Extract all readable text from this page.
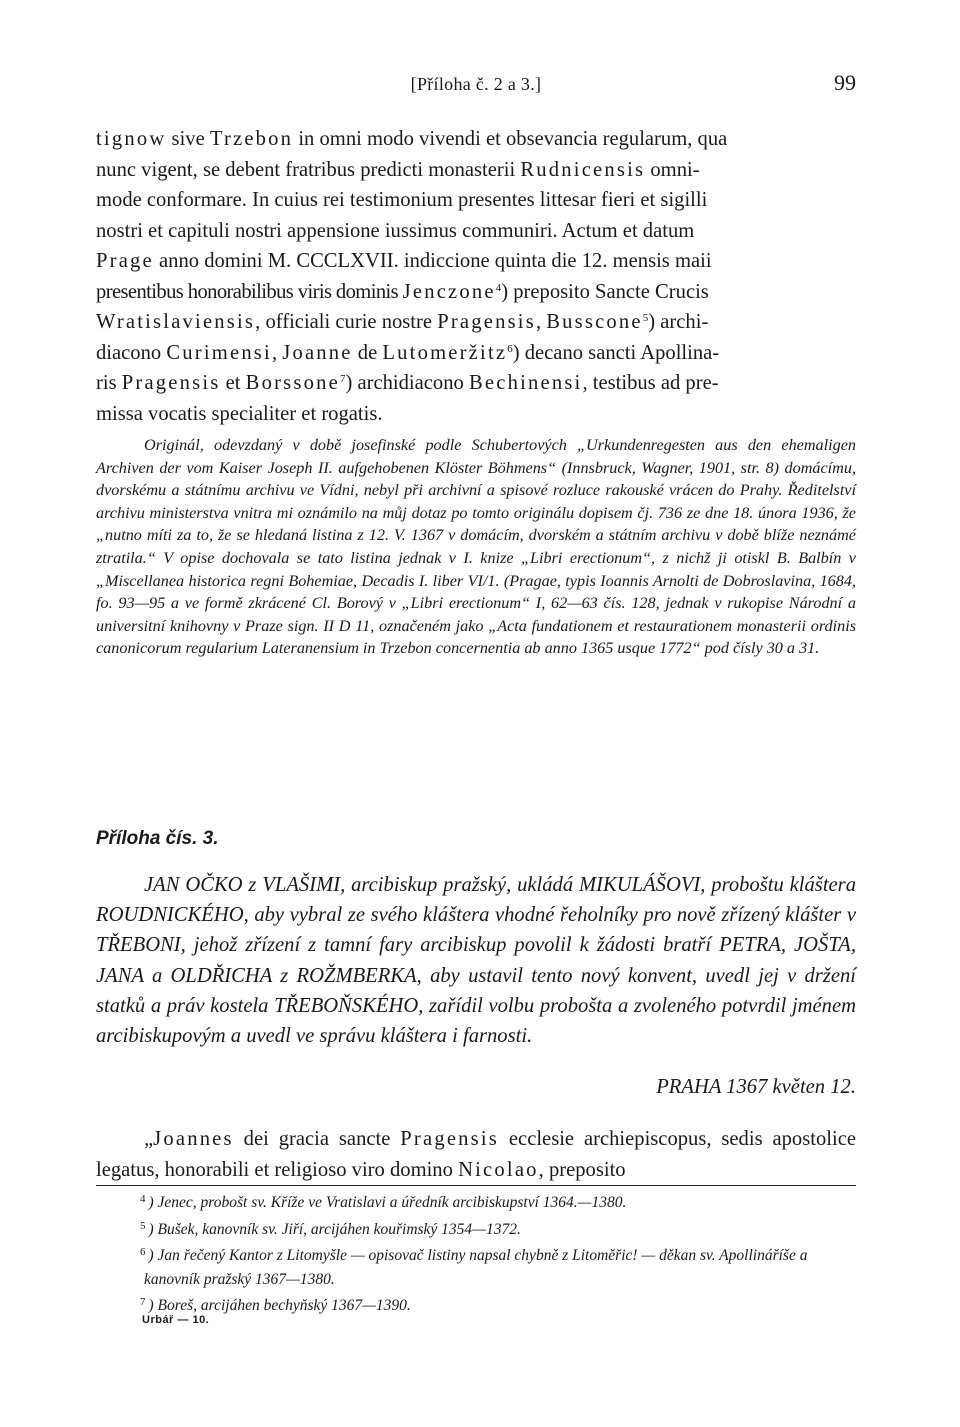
[Příloha č. 2 a 3.]	99

tignow sive Trzebon in omni modo vivendi et obsevancia regularum, qua

nunc vigent, se debent fratribus predicti monasterii Rudnicensis omni-

mode conformare. In cuius rei testimonium presentes littesar fieri et sigilli

nostri et capituli nostri appensione iussimus communiri. Actum et datum

Prage anno domini M. CCCLXVII. indiccione quinta die 12. mensis maii

presentibus honorabilibus viris dominis Jenczone$^4$) preposito Sancte Crucis

Wratislaviensis, officiali curie nostre Pragensis, Bussconе$^5$) archi-

diacono Curimensi, Joanne de Lutomeržitz$^6$) decano sancti Apollina-

ris Pragensis et Borssone$^7$) archidiacono Bechinensi, testibus ad pre-

missa vocatis specialiter et rogatis.

Originál, odevzdaný v době josefinské podle Schubertových „Urkundenregesten aus den ehemaligen Archiven der vom Kaiser Joseph II. aufgehobenen Klöster Böhmens“ (Innsbruck, Wagner, 1901, str. 8) domácímu, dvorskému a státnímu archivu ve Vídni, nebyl při archivní a spisové rozluce rakouské vrácen do Prahy. Ředitelství archivu ministerstva vnitra mi oznámilo na můj dotaz po tomto originálu dopisem čj. 736 ze dne 18. února 1936, že „nutno míti za to, že se hledaná listina z 12. V. 1367 v domácím, dvorském a státním archivu v době blíže neznámé ztratila.“ V opise dochovala se tato listina jednak v I. knize „Libri erectionum“, z nichž ji otiskl B. Balbín v „Miscellanea historica regni Bohemiae, Decadis I. liber VI/1. (Pragae, typis Ioannis Arnolti de Dobroslavina, 1684, fo. 93—95 a ve formě zkrácené Cl. Borový v „Libri erectionum“ I, 62—63 čís. 128, jednak v rukopise Národní a universitní knihovny v Praze sign. II D 11, označeném jako „Acta fundationem et restaurationem monasterii ordinis canonicorum regularium Lateranensium in Trzebon concernentia ab anno 1365 usque 1772“ pod čísly 30 a 31.

Příloha čís. 3.

JAN OČKO z VLAŠIMI, arcibiskup pražský, ukládá MIKULÁŠOVI, proboštu kláštera ROUDNICKÉHO, aby vybral ze svého kláštera vhodné řeholníky pro nově zřízený klášter v TŘEBONI, jehož zřízení z tamní fary arcibiskup povolil k žádosti bratří PETRA, JOŠTA, JANA a OLDŘICHA z ROŽMBERKA, aby ustavil tento nový konvent, uvedl jej v držení statků a práv kostela TŘEBOŇSKÉHO, zařídil volbu probošta a zvoleného potvrdil jménem arcibiskupovým a uvedl ve správu kláštera i farnosti.

PRAHA 1367 květen 12.

„Joannes dei gracia sancte Pragensis ecclesie archiepiscopus, sedis apostolice legatus, honorabili et religioso viro domino Nicolao, preposito

$^4$ ) Jenec, probošt sv. Kříže ve Vratislavi a úředník arcibiskupství 1364.—1380.

$^5$ ) Bušek, kanovník sv. Jiří, arcijáhen kouřimský 1354—1372.

$^6$ ) Jan řečený Kantor z Litomyšle — opisovač listiny napsal chybně z Litoměřic! — děkan sv. Apollináříše a kanovník pražský 1367—1380.

$^7$ ) Boreš, arcijáhen bechyňský 1367—1390.

Urbář — 10.
